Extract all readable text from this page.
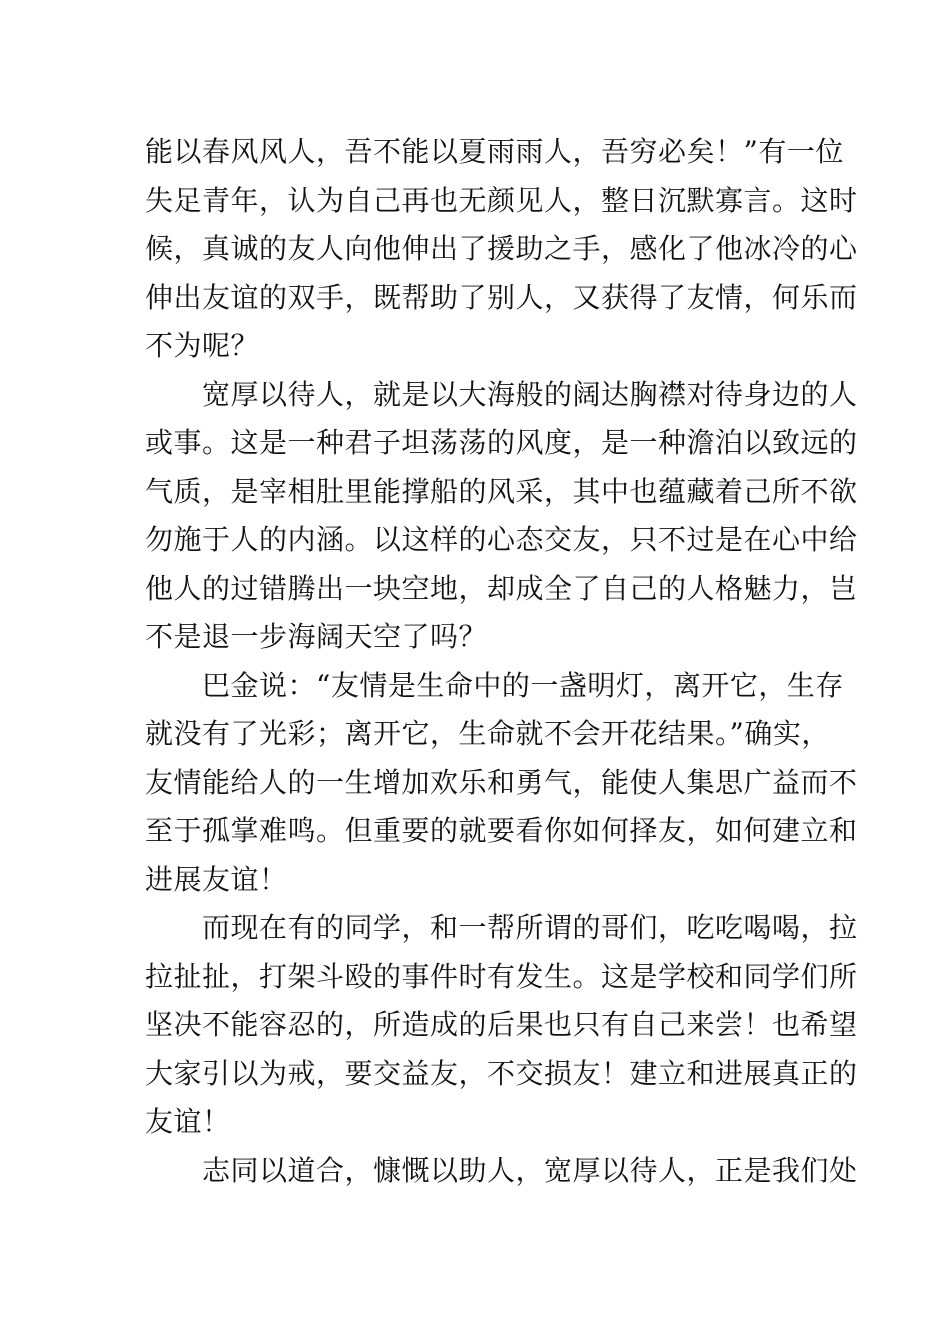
能以春风风人，吾不能以夏雨雨人，吾穷必矣！”有一位
失足青年，认为自己再也无颜见人，整日沉默寡言。这时
候，真诚的友人向他伸出了援助之手，感化了他冰冷的心
伸出友谊的双手，既帮助了别人，又获得了友情，何乐而
不为呢？
宽厚以待人，就是以大海般的阔达胸襟对待身边的人
或事。这是一种君子坦荡荡的风度，是一种澹泊以致远的
气质，是宰相肚里能撑船的风采，其中也蕴藏着己所不欲
勿施于人的内涵。以这样的心态交友，只不过是在心中给
他人的过错腾出一块空地，却成全了自己的人格魅力，岂
不是退一步海阔天空了吗？
巴金说：“友情是生命中的一盏明灯，离开它，生存
就没有了光彩；离开它，生命就不会开花结果。”确实，
友情能给人的一生增加欢乐和勇气，能使人集思广益而不
至于孤掌难鸣。但重要的就要看你如何择友，如何建立和
进展友谊！
而现在有的同学，和一帮所谓的哥们，吃吃喝喝，拉
拉扯扯，打架斗殴的事件时有发生。这是学校和同学们所
坚决不能容忍的，所造成的后果也只有自己来尝！也希望
大家引以为戒，要交益友，不交损友！建立和进展真正的
友谊！
志同以道合，慷慨以助人，宽厚以待人，正是我们处
